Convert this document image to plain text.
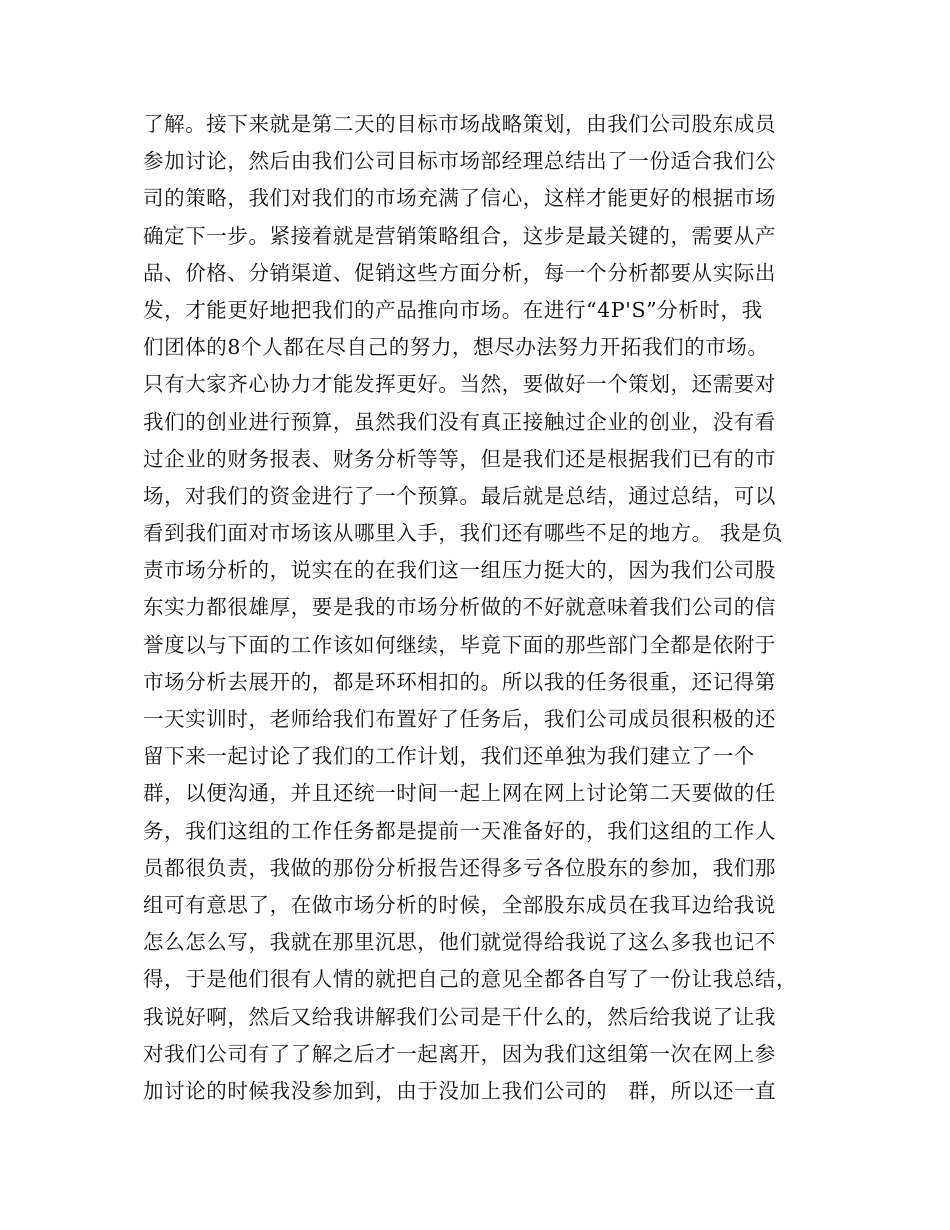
了解。接下来就是第二天的目标市场战略策划，由我们公司股东成员
参加讨论，然后由我们公司目标市场部经理总结出了一份适合我们公
司的策略，我们对我们的市场充满了信心，这样才能更好的根据市场
确定下一步。紧接着就是营销策略组合，这步是最关键的，需要从产
品、价格、分销渠道、促销这些方面分析，每一个分析都要从实际出
发，才能更好地把我们的产品推向市场。在进行“4P'S”分析时，我
们团体的8个人都在尽自己的努力，想尽办法努力开拓我们的市场。
只有大家齐心协力才能发挥更好。当然，要做好一个策划，还需要对
我们的创业进行预算，虽然我们没有真正接触过企业的创业，没有看
过企业的财务报表、财务分析等等，但是我们还是根据我们已有的市
场，对我们的资金进行了一个预算。最后就是总结，通过总结，可以
看到我们面对市场该从哪里入手，我们还有哪些不足的地方。 我是负
责市场分析的，说实在的在我们这一组压力挺大的，因为我们公司股
东实力都很雄厚，要是我的市场分析做的不好就意味着我们公司的信
誉度以与下面的工作该如何继续，毕竟下面的那些部门全都是依附于
市场分析去展开的，都是环环相扣的。所以我的任务很重，还记得第
一天实训时，老师给我们布置好了任务后，我们公司成员很积极的还
留下来一起讨论了我们的工作计划，我们还单独为我们建立了一个
群，以便沟通，并且还统一时间一起上网在网上讨论第二天要做的任
务，我们这组的工作任务都是提前一天准备好的，我们这组的工作人
员都很负责，我做的那份分析报告还得多亏各位股东的参加，我们那
组可有意思了，在做市场分析的时候，全部股东成员在我耳边给我说
怎么怎么写，我就在那里沉思，他们就觉得给我说了这么多我也记不
得，于是他们很有人情的就把自己的意见全都各自写了一份让我总结，
我说好啊，然后又给我讲解我们公司是干什么的，然后给我说了让我
对我们公司有了了解之后才一起离开，因为我们这组第一次在网上参
加讨论的时候我没参加到，由于没加上我们公司的   群，所以还一直
